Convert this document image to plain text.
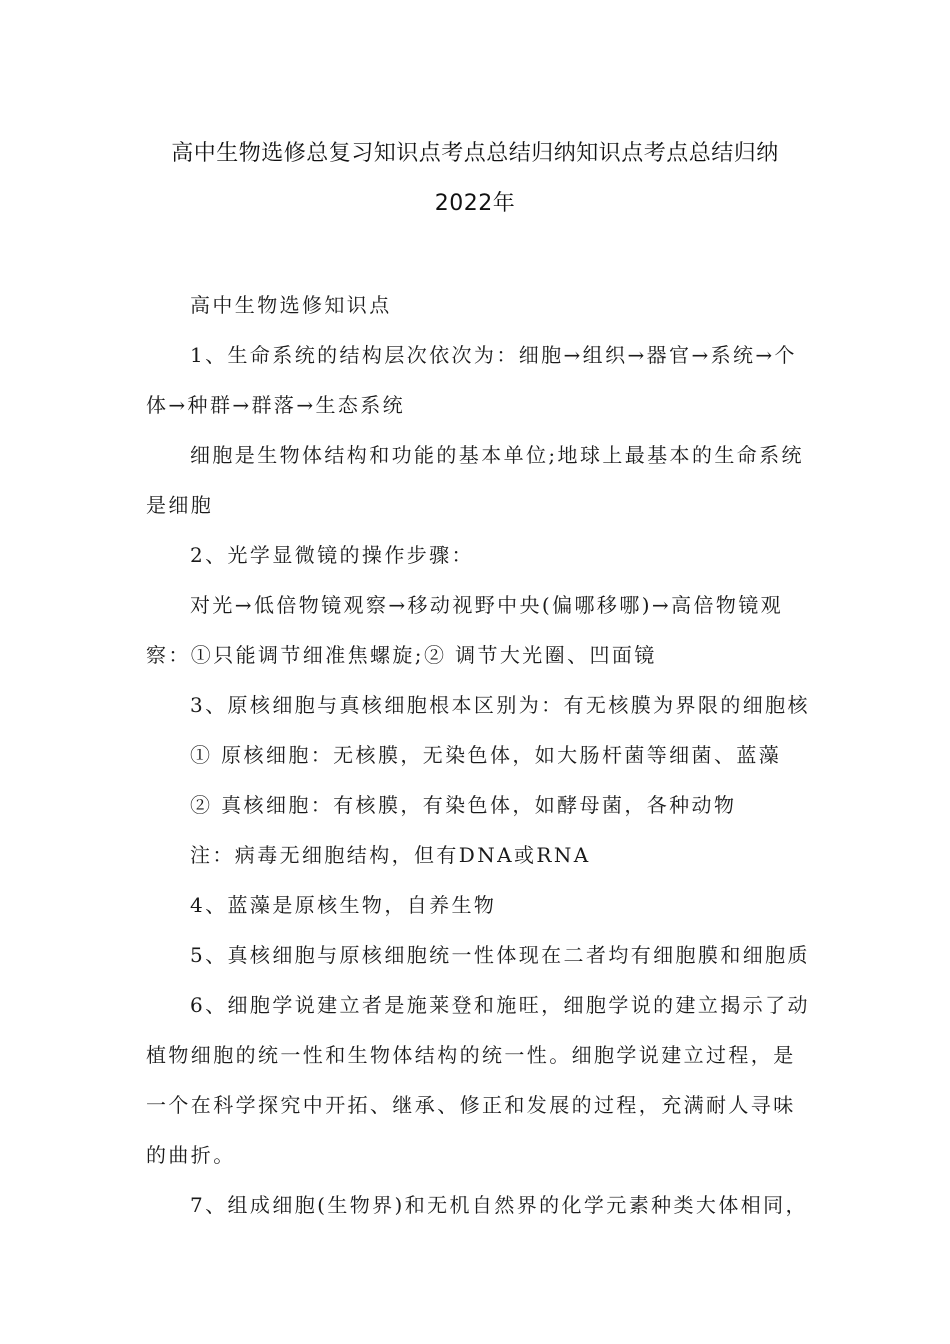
高中生物选修总复习知识点考点总结归纳知识点考点总结归纳
2022年
高中生物选修知识点
1、生命系统的结构层次依次为：细胞→组织→器官→系统→个
体→种群→群落→生态系统
细胞是生物体结构和功能的基本单位;地球上最基本的生命系统
是细胞
2、光学显微镜的操作步骤：
对光→低倍物镜观察→移动视野中央(偏哪移哪)→高倍物镜观
察：①只能调节细准焦螺旋;② 调节大光圈、凹面镜
3、原核细胞与真核细胞根本区别为：有无核膜为界限的细胞核
① 原核细胞：无核膜，无染色体，如大肠杆菌等细菌、蓝藻
② 真核细胞：有核膜，有染色体，如酵母菌，各种动物
注：病毒无细胞结构，但有DNA或RNA
4、蓝藻是原核生物，自养生物
5、真核细胞与原核细胞统一性体现在二者均有细胞膜和细胞质
6、细胞学说建立者是施莱登和施旺，细胞学说的建立揭示了动
植物细胞的统一性和生物体结构的统一性。细胞学说建立过程，是
一个在科学探究中开拓、继承、修正和发展的过程，充满耐人寻味
的曲折。
7、组成细胞(生物界)和无机自然界的化学元素种类大体相同，
